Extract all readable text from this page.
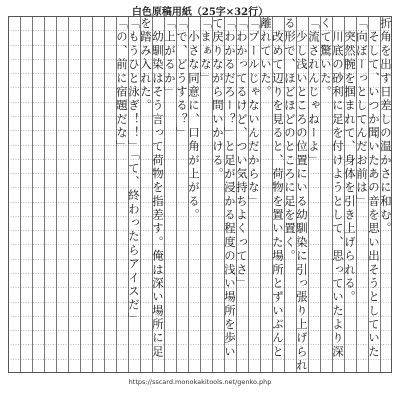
白色原稿用紙（25字×32行）
折角を出す日差しの温かさに和む。
　そして、いつか聞いたあの音を思い出そうとしていた
「向ぼーっとしてんだお前は」
　突然腕を掴まれて、身体を引き上げられる。
　川底の砂利に足を付けようとして、思っていたより深
くて驚いた。
「流されんじゃねーよ」
　少し浅いところの位置にいる幼馴染に引っ張り上げられ
る形で、ほどほどのところに足を置く。
　改めて辺りを見ると、荷物を置いた場所とずいぶんと
離れていた。
「プールじゃないんだからな」
「わかってるけど、つい気持ちよくってさ」
「わかるだろー？」と足が浸かる程度の浅い場所を歩い
て戻りながら問いかける。
「まぁな」
　小さな同意に、口角が上がる。
「で、どうする？」
「上がるか」
　幼馴染はそう言って荷物を指差す。俺は深い場所に足
を踏み入れた。
「もうひと泳ぎ！！」「て、終わったらアイスだ」
「の、前に宿題だな」
https://sscard.monokakitools.net/genko.php
